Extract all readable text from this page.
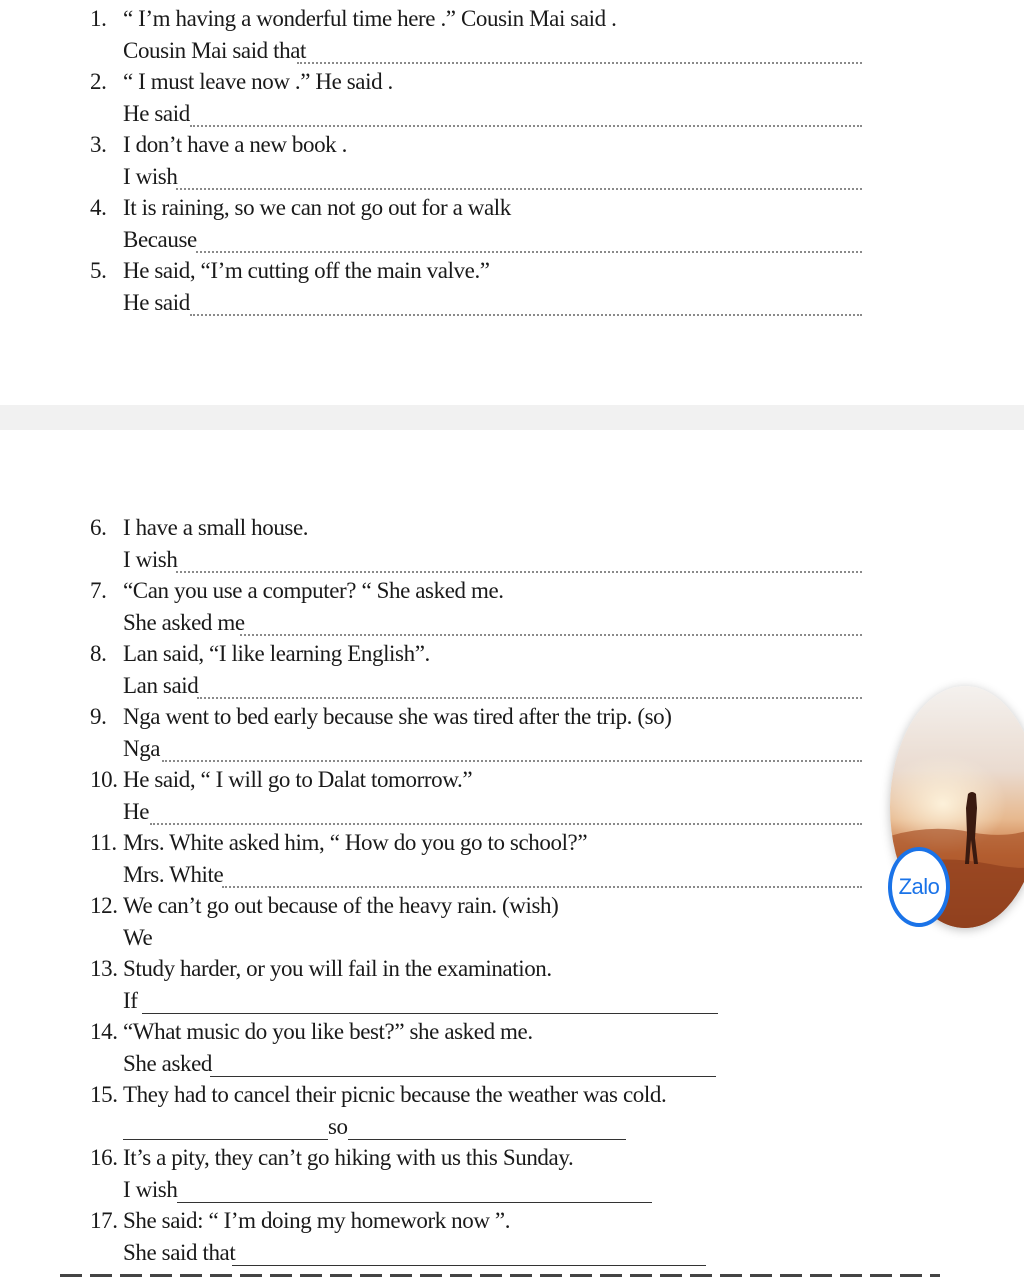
1. “ I’m having a wonderful time here .” Cousin Mai said .
Cousin Mai said that
2. “ I must leave now .” He said .
He said
3. I don’t have a new book .
I wish
4. It is raining, so we can not go out for a walk
Because
5. He said, “I’m cutting off the main valve.”
He said
6. I have a small house.
I wish
7. “Can you use a computer? “ She asked me.
She asked me
8. Lan said, “I like learning English”.
Lan said
9. Nga went to bed early because she was tired after the trip. (so)
Nga
10. He said, “ I will go to Dalat tomorrow.”
He
11. Mrs. White asked him, “ How do you go to school?”
Mrs. White
12. We can’t go out because of the heavy rain. (wish)
We
13. Study harder, or you will fail in the examination.
If
14. “What music do you like best?” she asked me.
She asked
15. They had to cancel their picnic because the weather was cold.
so
16. It’s a pity, they can’t go hiking with us this Sunday.
I wish
17. She said: “ I’m doing my homework now ”.
She said that
Zalo
